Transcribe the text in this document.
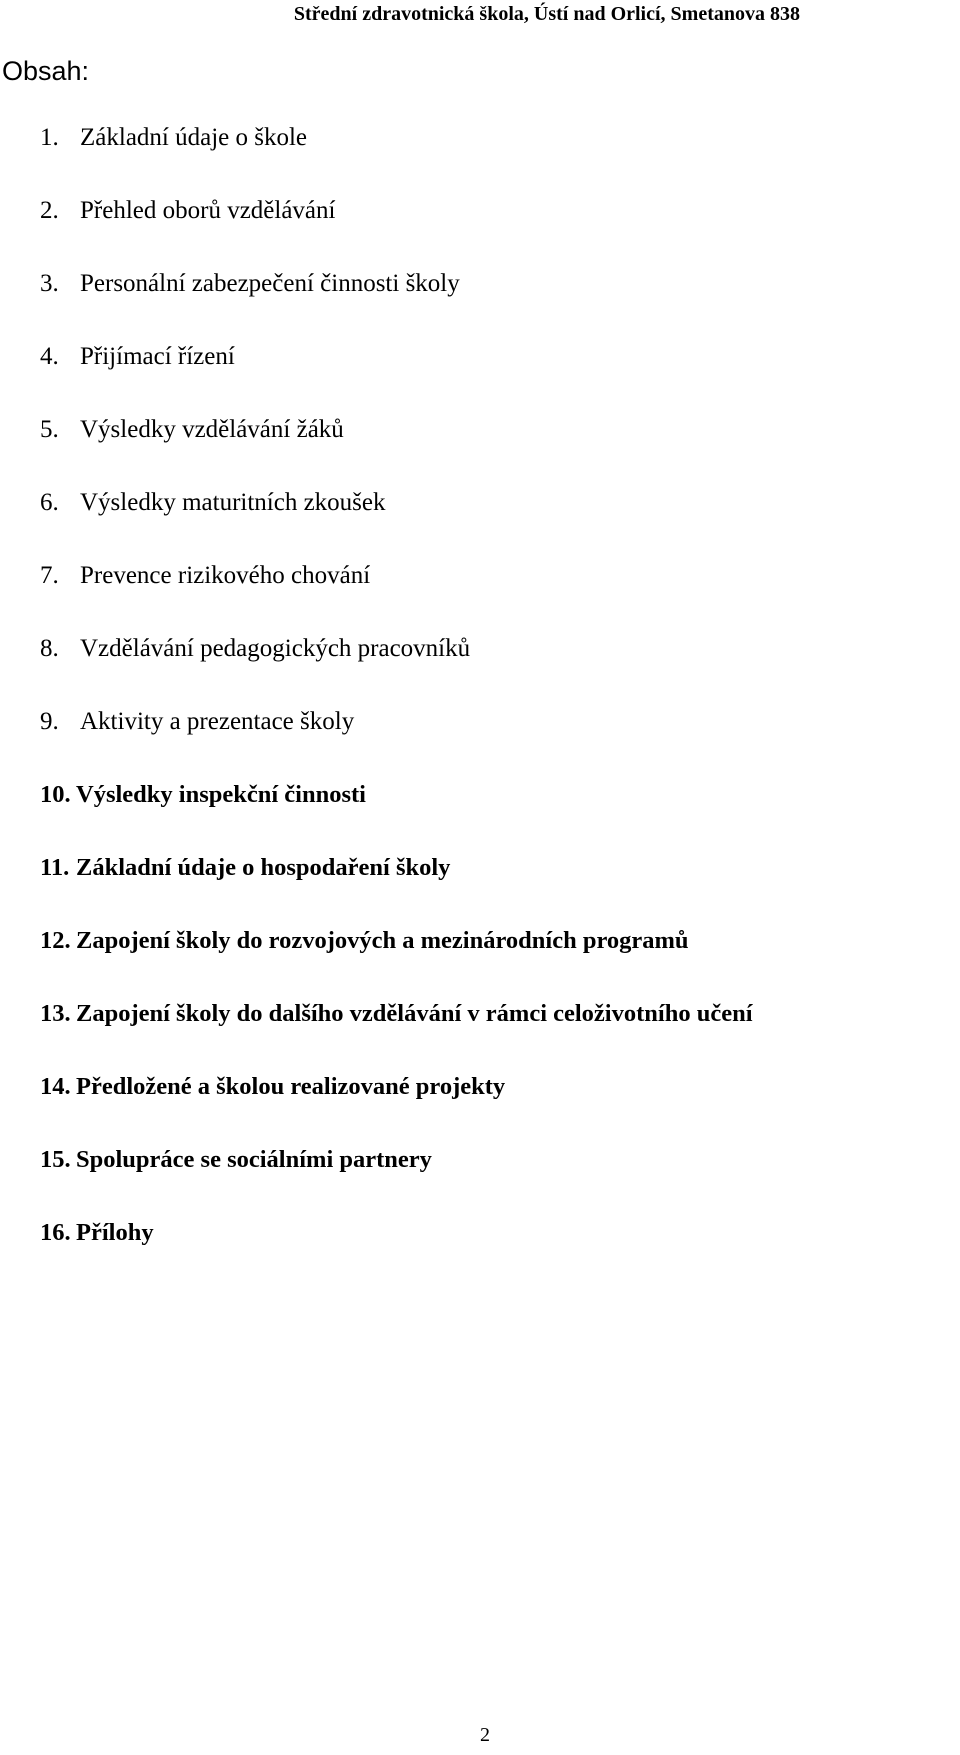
Střední zdravotnická škola, Ústí nad Orlicí, Smetanova 838
Obsah:
1. Základní údaje o škole
2. Přehled oborů vzdělávání
3. Personální zabezpečení činnosti školy
4. Přijímací řízení
5. Výsledky vzdělávání žáků
6. Výsledky maturitních zkoušek
7. Prevence rizikového chování
8. Vzdělávání pedagogických pracovníků
9. Aktivity a prezentace školy
10. Výsledky inspekční činnosti
11. Základní údaje o hospodaření školy
12. Zapojení školy do rozvojových a mezinárodních programů
13. Zapojení školy do dalšího vzdělávání v rámci celoživotního učení
14. Předložené a školou realizované projekty
15. Spolupráce se sociálními partnery
16. Přílohy
2
